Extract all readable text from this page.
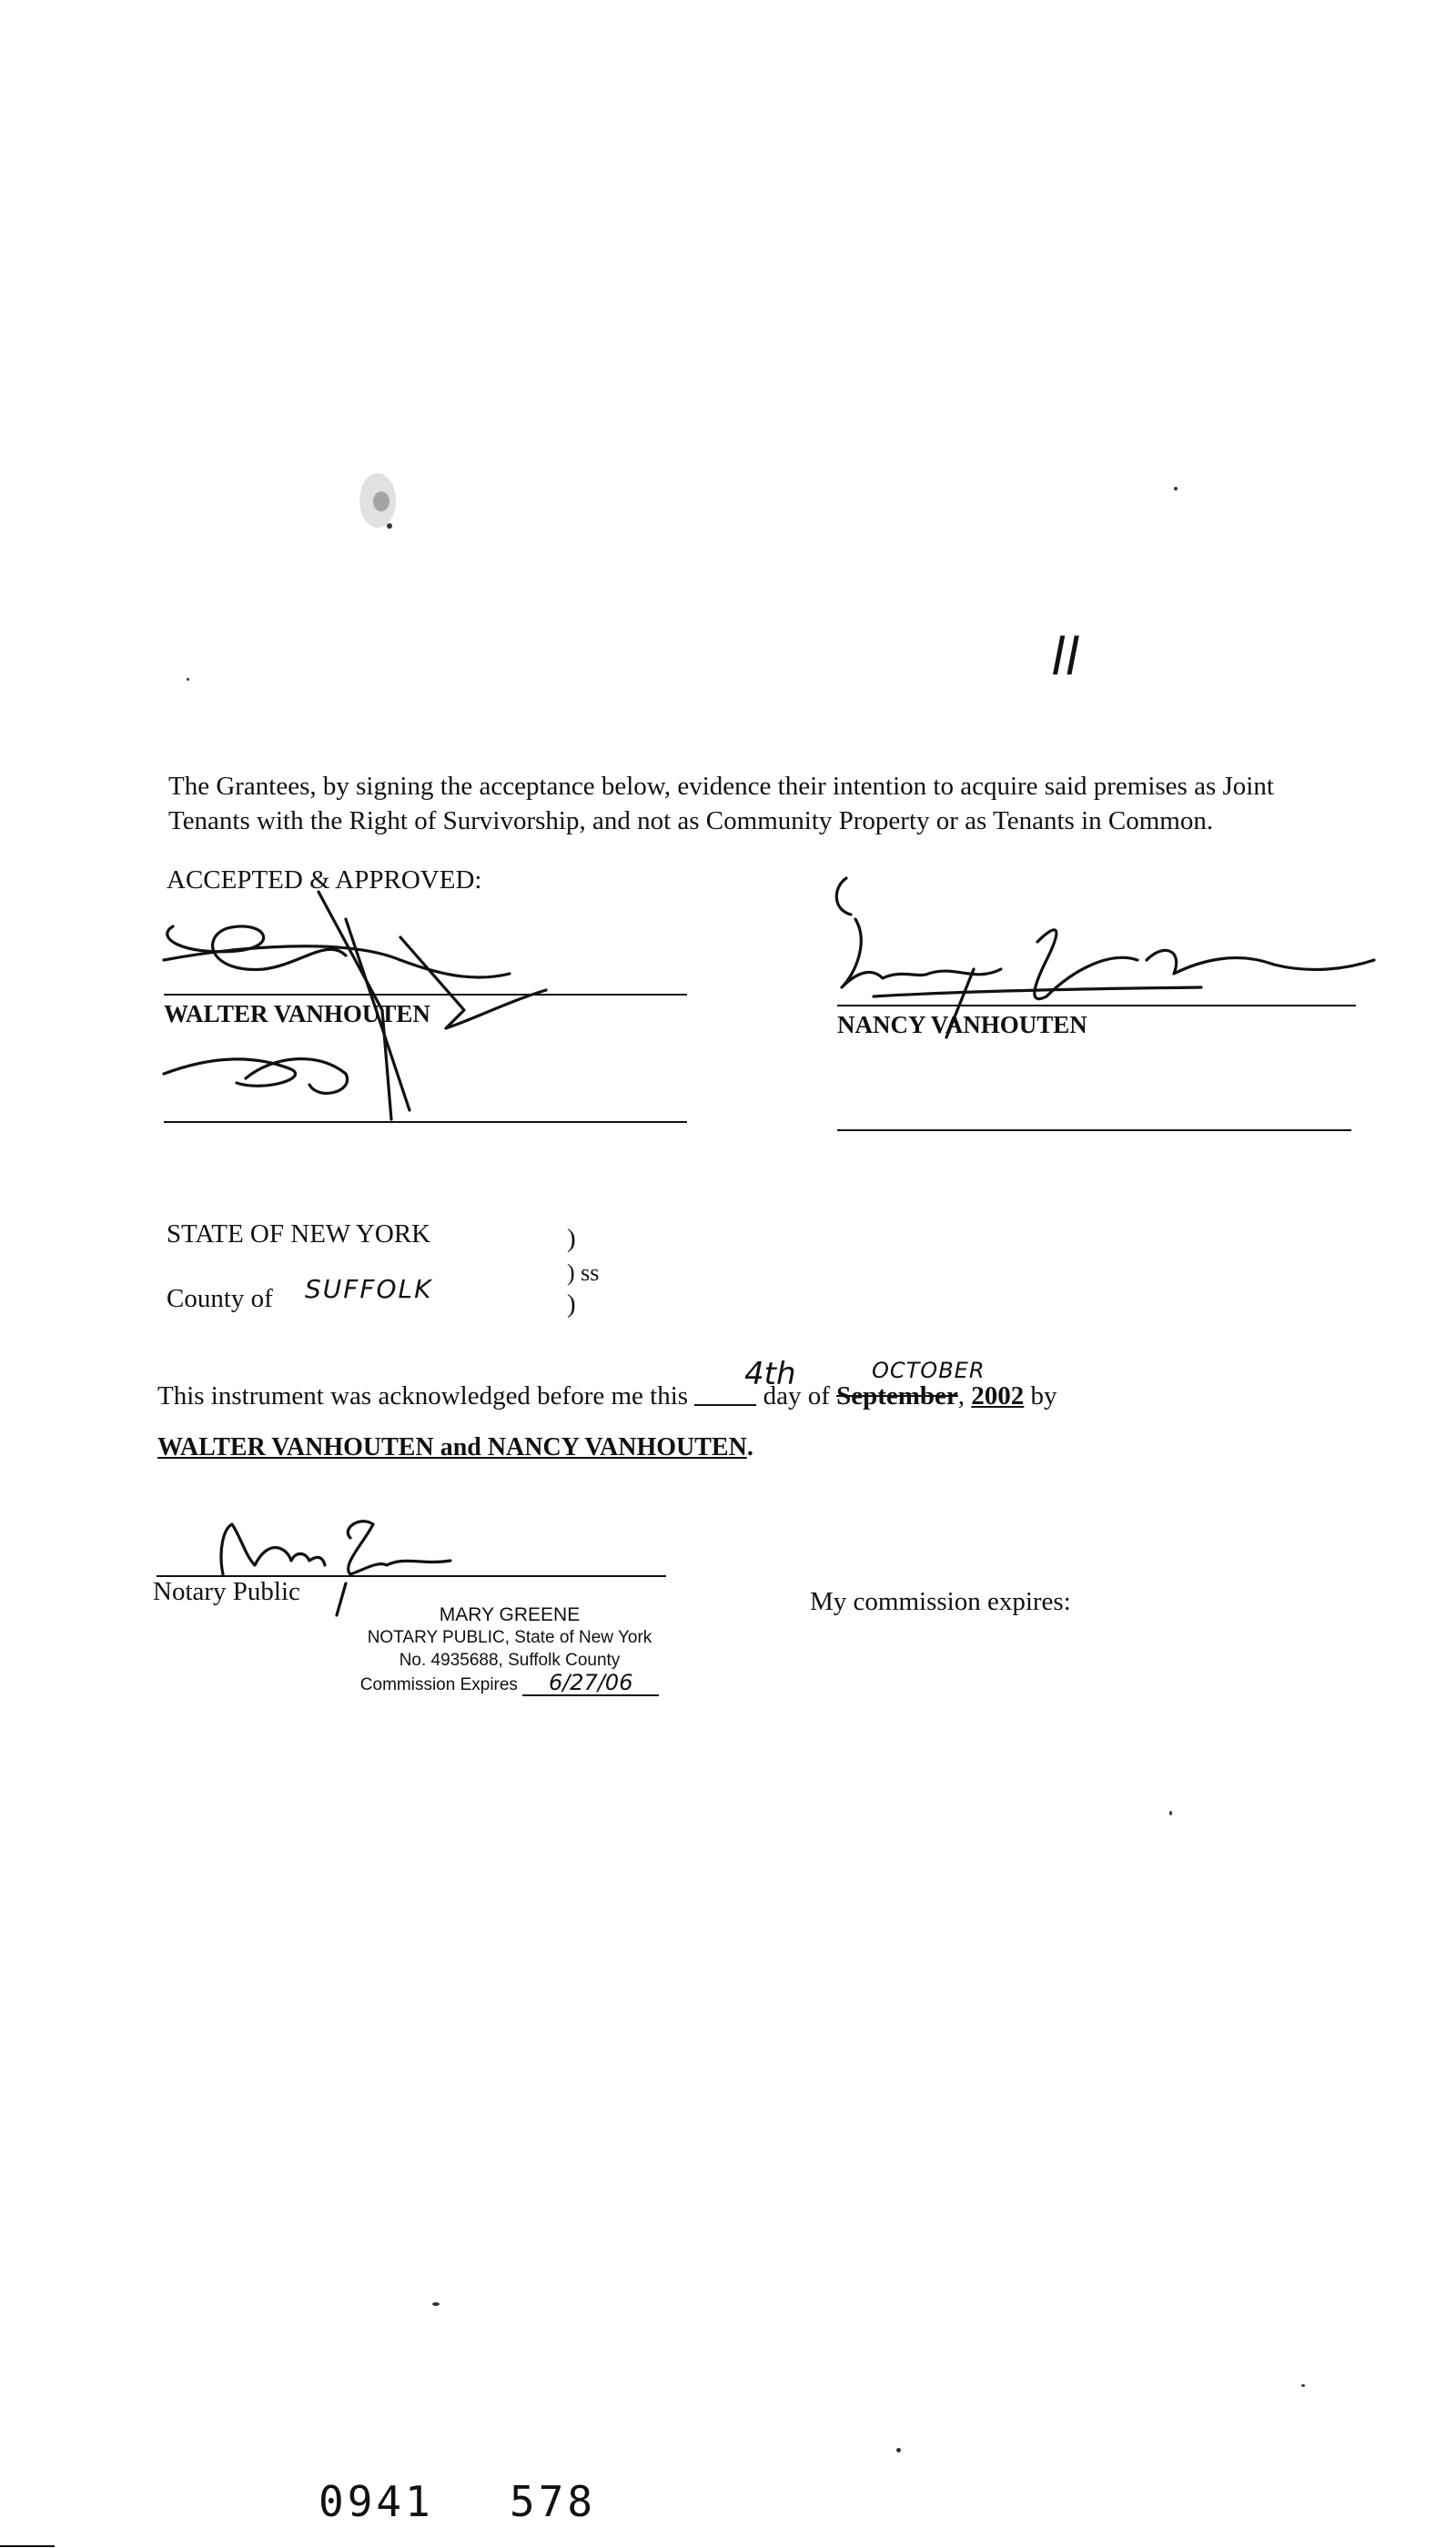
ll
The Grantees, by signing the acceptance below, evidence their intention to acquire said premises as Joint
Tenants with the Right of Survivorship, and not as Community Property or as Tenants in Common.
ACCEPTED & APPROVED:
WALTER VANHOUTEN	NANCY VANHOUTEN
STATE OF NEW YORK
County of SUFFOLK
)
) ss
)
This instrument was acknowledged before me this	day of September, 2002 by
4th	OCTOBER
WALTER VANHOUTEN and NANCY VANHOUTEN.
Notary Public	My commission expires:
MARY GREENE
NOTARY PUBLIC, State of New York
No. 4935688, Suffolk County
Commission Expires 6/27/06
0941 578
